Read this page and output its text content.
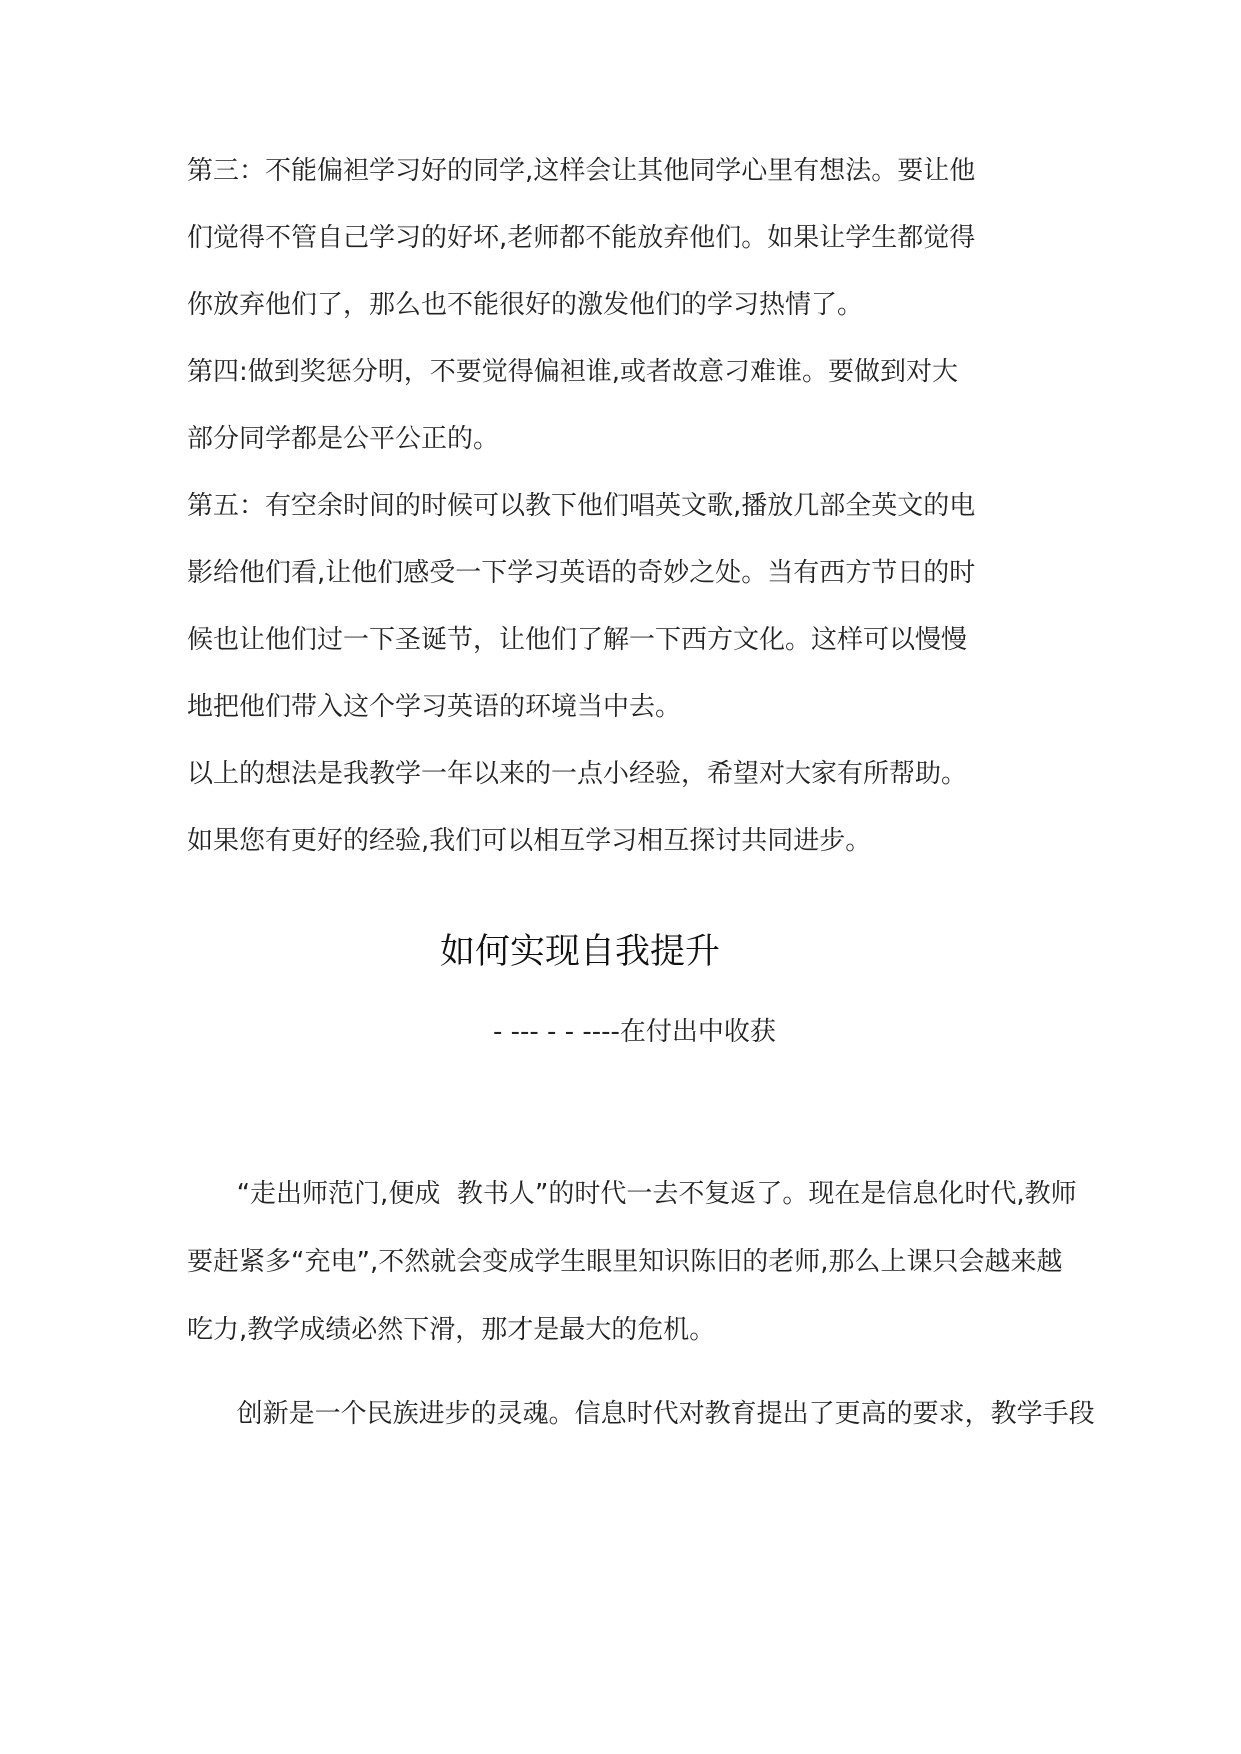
第三：不能偏袒学习好的同学,这样会让其他同学心里有想法。要让他
们觉得不管自己学习的好坏,老师都不能放弃他们。如果让学生都觉得
你放弃他们了，那么也不能很好的激发他们的学习热情了。
第四:做到奖惩分明，不要觉得偏袒谁,或者故意刁难谁。要做到对大
部分同学都是公平公正的。
第五：有空余时间的时候可以教下他们唱英文歌,播放几部全英文的电
影给他们看,让他们感受一下学习英语的奇妙之处。当有西方节日的时
候也让他们过一下圣诞节，让他们了解一下西方文化。这样可以慢慢
地把他们带入这个学习英语的环境当中去。
以上的想法是我教学一年以来的一点小经验，希望对大家有所帮助。
如果您有更好的经验,我们可以相互学习相互探讨共同进步。
如何实现自我提升
- --- - - ----在付出中收获
“走出师范门,便成  教书人”的时代一去不复返了。现在是信息化时代,教师
要赶紧多“充电”,不然就会变成学生眼里知识陈旧的老师,那么上课只会越来越
吃力,教学成绩必然下滑，那才是最大的危机。
创新是一个民族进步的灵魂。信息时代对教育提出了更高的要求，教学手段
